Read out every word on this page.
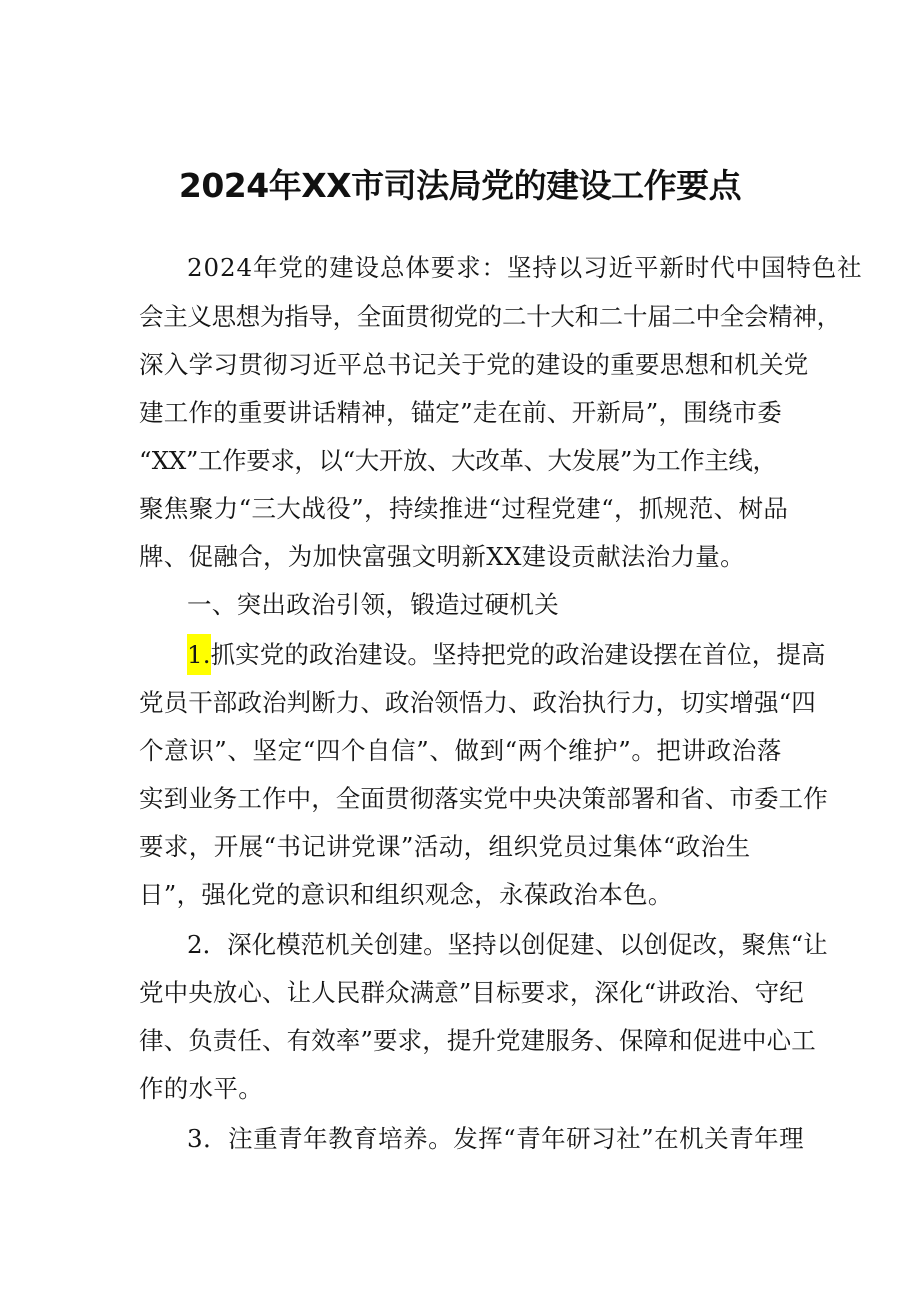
2024年XX市司法局党的建设工作要点
2024年党的建设总体要求：坚持以习近平新时代中国特色社
会主义思想为指导，全面贯彻党的二十大和二十届二中全会精神，
深入学习贯彻习近平总书记关于党的建设的重要思想和机关党
建工作的重要讲话精神，锚定”走在前、开新局”，围绕市委
“XX”工作要求，以“大开放、大改革、大发展”为工作主线，
聚焦聚力“三大战役”，持续推进“过程党建“，抓规范、树品
牌、促融合，为加快富强文明新XX建设贡献法治力量。
一、突出政治引领，锻造过硬机关
1.抓实党的政治建设。坚持把党的政治建设摆在首位，提高
党员干部政治判断力、政治领悟力、政治执行力，切实增强“四
个意识”、坚定“四个自信”、做到“两个维护”。把讲政治落
实到业务工作中，全面贯彻落实党中央决策部署和省、市委工作
要求，开展“书记讲党课”活动，组织党员过集体“政治生
日”，强化党的意识和组织观念，永葆政治本色。
2．深化模范机关创建。坚持以创促建、以创促改，聚焦“让
党中央放心、让人民群众满意”目标要求，深化“讲政治、守纪
律、负责任、有效率”要求，提升党建服务、保障和促进中心工
作的水平。
3．注重青年教育培养。发挥“青年研习社”在机关青年理
